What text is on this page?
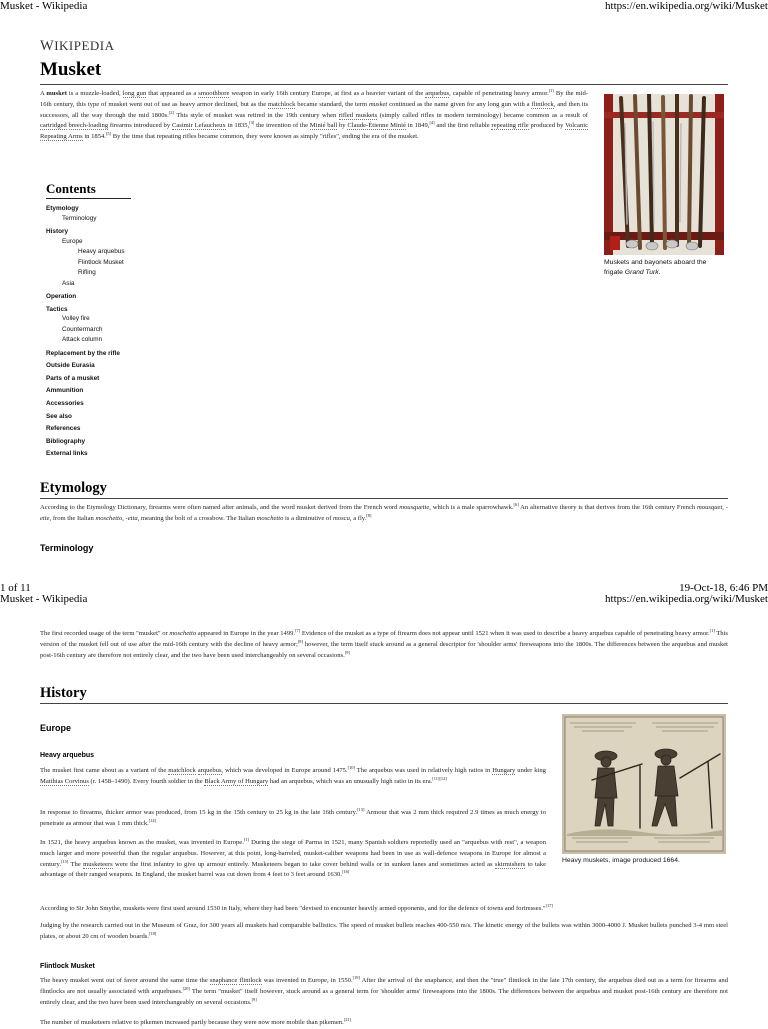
Musket - Wikipedia	https://en.wikipedia.org/wiki/Musket
WIKIPEDIA
Musket
A musket is a muzzle-loaded, long gun that appeared as a smoothbore weapon in early 16th century Europe, at first as a heavier variant of the arquebus, capable of penetrating heavy armor.[1] By the mid-16th century, this type of musket went out of use as heavy armor declined, but as the matchlock became standard, the term musket continued as the name given for any long gun with a flintlock, and then its successors, all the way through the mid 1800s.[2] This style of musket was retired in the 19th century when rifled muskets (simply called rifles in modern terminology) became common as a result of cartridged breech-loading firearms introduced by Casimir Lefaucheux in 1835,[3] the invention of the Minié ball by Claude-Étienne Minié in 1849,[4] and the first reliable repeating rifle produced by Volcanic Repeating Arms in 1854.[5] By the time that repeating rifles became common, they were known as simply "rifles", ending the era of the musket.
Muskets and bayonets aboard the frigate Grand Turk.
Contents
Etymology
Terminology
History
Europe
Heavy arquebus
Flintlock Musket
Rifling
Asia
Operation
Tactics
Volley fire
Countermarch
Attack column
Replacement by the rifle
Outside Eurasia
Parts of a musket
Ammunition
Accessories
See also
References
Bibliography
External links
Etymology
According to the Etymology Dictionary, firearms were often named after animals, and the word musket derived from the French word mousquette, which is a male sparrowhawk.[6] An alternative theory is that derives from the 16th century French mousquet, -ette, from the Italian moschetto, -etta, meaning the bolt of a crossbow. The Italian moschetto is a diminutive of mosca, a fly.[8]
Terminology
1 of 11	19-Oct-18, 6:46 PM
Musket - Wikipedia	https://en.wikipedia.org/wiki/Musket
The first recorded usage of the term "musket" or moschetto appeared in Europe in the year 1499.[7] Evidence of the musket as a type of firearm does not appear until 1521 when it was used to describe a heavy arquebus capable of penetrating heavy armor.[1] This version of the musket fell out of use after the mid-16th century with the decline of heavy armor;[8] however, the term itself stuck around as a general descriptor for 'shoulder arms' fireweapons into the 1800s. The differences between the arquebus and musket post-16th century are therefore not entirely clear, and the two have been used interchangeably on several occasions.[9]
History
Europe
Heavy arquebus
The musket first came about as a variant of the matchlock arquebus, which was developed in Europe around 1475.[10] The arquebus was used in relatively high ratios in Hungary under king Matthias Corvinus (r. 1458–1490). Every fourth soldier in the Black Army of Hungary had an arquebus, which was an unusually high ratio in its era.[11][12]
In response to firearms, thicker armor was produced, from 15 kg in the 15th century to 25 kg in the late 16th century.[13] Armour that was 2 mm thick required 2.9 times as much energy to penetrate as armour that was 1 mm thick.[14]
In 1521, the heavy arquebus known as the musket, was invented in Europe.[1] During the siege of Parma in 1521, many Spanish soldiers reportedly used an "arquebus with rest", a weapon much larger and more powerful than the regular arquebus. However, at this point, long-barreled, musket-caliber weapons had been in use as wall-defence weapons in Europe for almost a century.[15] The musketeers were the first infantry to give up armour entirely. Musketeers began to take cover behind walls or in sunken lanes and sometimes acted as skirmishers to take advantage of their ranged weapons. In England, the musket barrel was cut down from 4 feet to 3 feet around 1630.[16]
Heavy muskets, image produced 1664.
According to Sir John Smythe, muskets were first used around 1530 in Italy, where they had been "devised to encounter heavily armed opponents, and for the defence of towns and fortresses."[17]
Judging by the research carried out in the Museum of Graz, for 300 years all muskets had comparable ballistics. The speed of musket bullets reaches 400-550 m/s. The kinetic energy of the bullets was within 3000-4000 J. Musket bullets punched 3-4 mm steel plates, or about 20 cm of wooden boards.[18]
Flintlock Musket
The heavy musket went out of favor around the same time the snaphance flintlock was invented in Europe, in 1550.[19] After the arrival of the snaphance, and then the "true" flintlock in the late 17th century, the arquebus died out as a term for firearms and flintlocks are not usually associated with arquebuses.[20] The term "musket" itself however, stuck around as a general term for 'shoulder arms' fireweapons into the 1800s. The differences between the arquebus and musket post-16th century are therefore not entirely clear, and the two have been used interchangeably on several occasions.[9]
The number of musketeers relative to pikemen increased partly because they were now more mobile than pikemen.[21]
